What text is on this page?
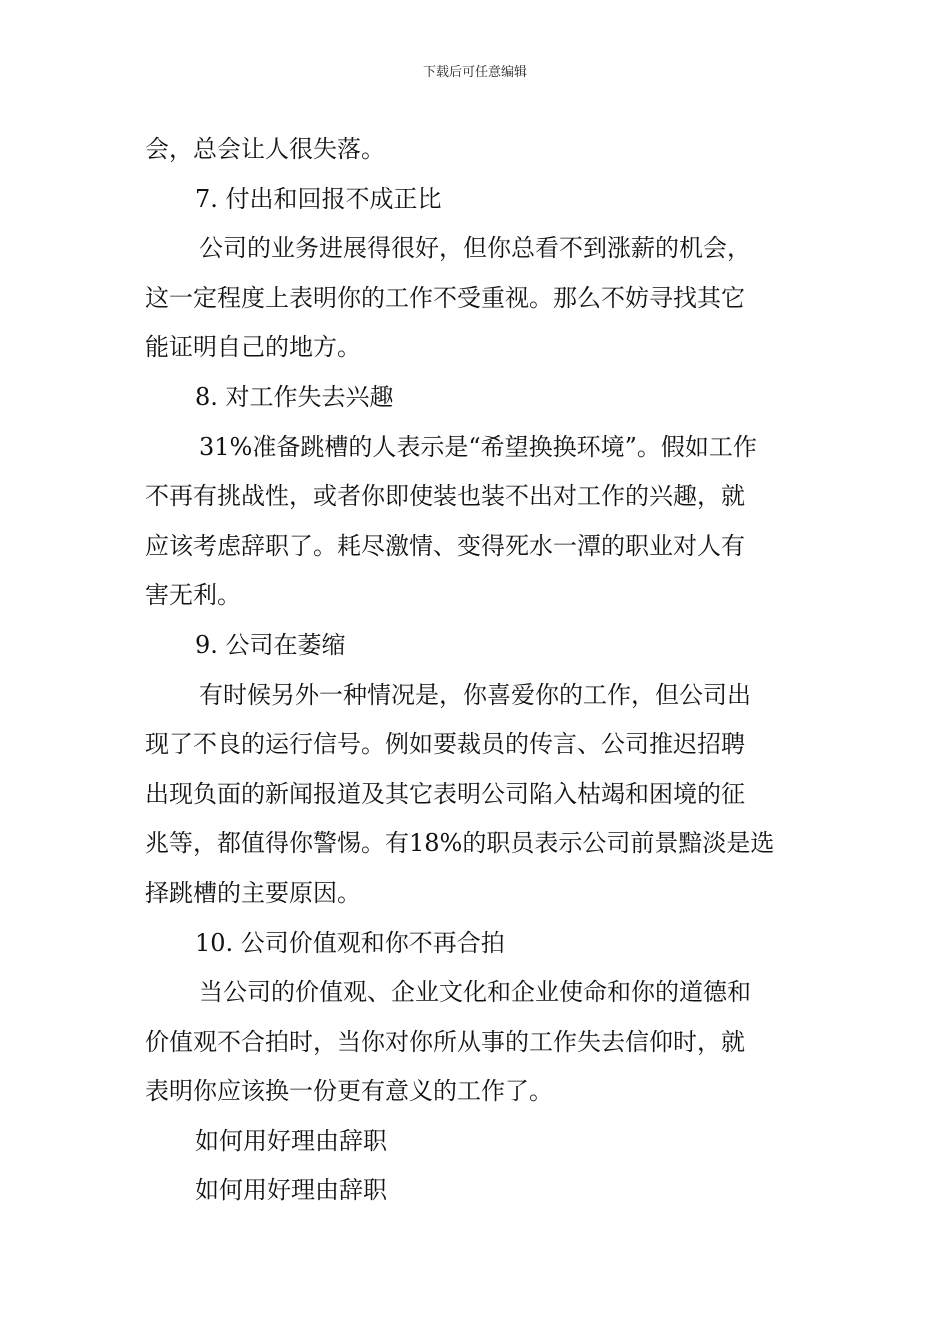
下载后可任意编辑
会，总会让人很失落。
7. 付出和回报不成正比
公司的业务进展得很好，但你总看不到涨薪的机会，
这一定程度上表明你的工作不受重视。那么不妨寻找其它
能证明自己的地方。
8. 对工作失去兴趣
31%准备跳槽的人表示是“希望换换环境”。假如工作
不再有挑战性，或者你即使装也装不出对工作的兴趣，就
应该考虑辞职了。耗尽激情、变得死水一潭的职业对人有
害无利。
9. 公司在萎缩
有时候另外一种情况是，你喜爱你的工作，但公司出
现了不良的运行信号。例如要裁员的传言、公司推迟招聘
出现负面的新闻报道及其它表明公司陷入枯竭和困境的征
兆等，都值得你警惕。有18%的职员表示公司前景黯淡是选
择跳槽的主要原因。
10. 公司价值观和你不再合拍
当公司的价值观、企业文化和企业使命和你的道德和
价值观不合拍时，当你对你所从事的工作失去信仰时，就
表明你应该换一份更有意义的工作了。
如何用好理由辞职
如何用好理由辞职
